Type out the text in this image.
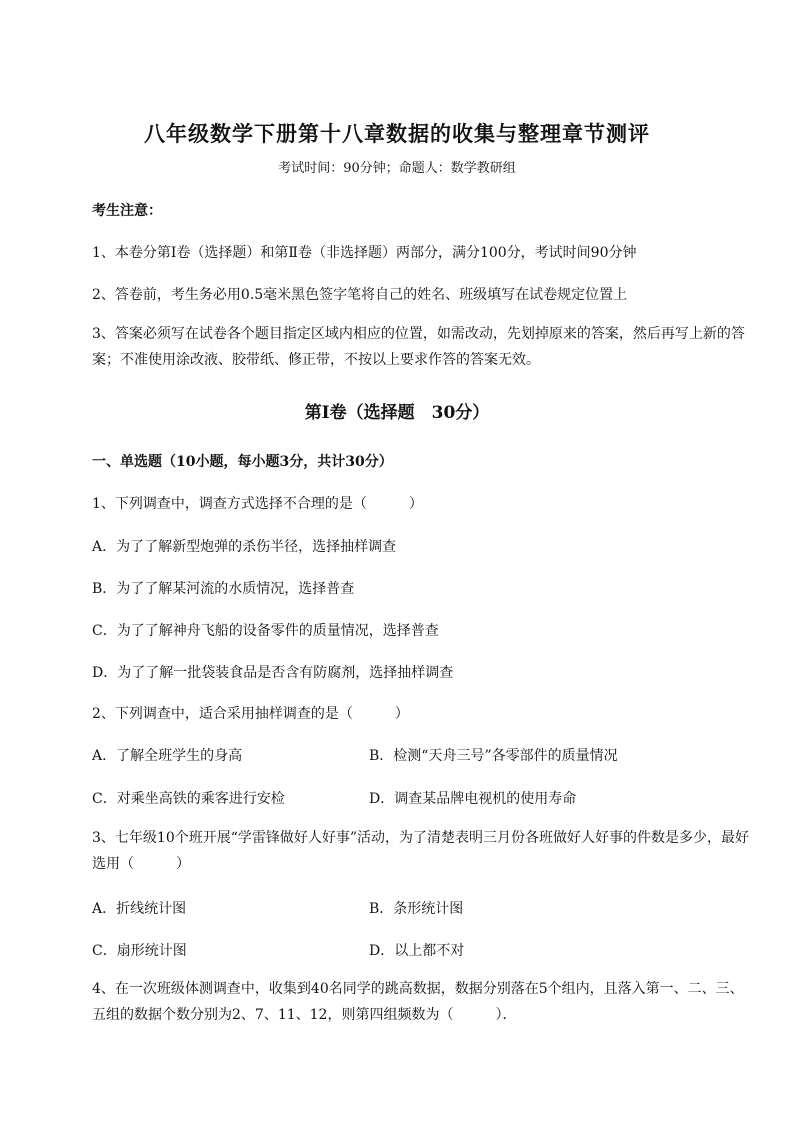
八年级数学下册第十八章数据的收集与整理章节测评
考试时间：90分钟；命题人：数学教研组
考生注意：
1、本卷分第I卷（选择题）和第Ⅱ卷（非选择题）两部分，满分100分，考试时间90分钟
2、答卷前，考生务必用0.5毫米黑色签字笔将自己的姓名、班级填写在试卷规定位置上
3、答案必须写在试卷各个题目指定区域内相应的位置，如需改动，先划掉原来的答案，然后再写上新的答案；不准使用涂改液、胶带纸、修正带，不按以上要求作答的答案无效。
第I卷（选择题　30分）
一、单选题（10小题，每小题3分，共计30分）
1、下列调查中，调查方式选择不合理的是（　　　）
A．为了了解新型炮弹的杀伤半径，选择抽样调查
B．为了了解某河流的水质情况，选择普查
C．为了了解神舟飞船的设备零件的质量情况，选择普查
D．为了了解一批袋装食品是否含有防腐剂，选择抽样调查
2、下列调查中，适合采用抽样调查的是（　　　）
A．了解全班学生的身高	B．检测“天舟三号”各零部件的质量情况
C．对乘坐高铁的乘客进行安检	D．调查某品牌电视机的使用寿命
3、七年级10个班开展“学雷锋做好人好事”活动，为了清楚表明三月份各班做好人好事的件数是多少，最好选用（　　　）
A．折线统计图	B．条形统计图
C．扇形统计图	D．以上都不对
4、在一次班级体测调查中，收集到40名同学的跳高数据，数据分别落在5个组内，且落入第一、二、三、五组的数据个数分别为2、7、11、12，则第四组频数为（　　　）．
